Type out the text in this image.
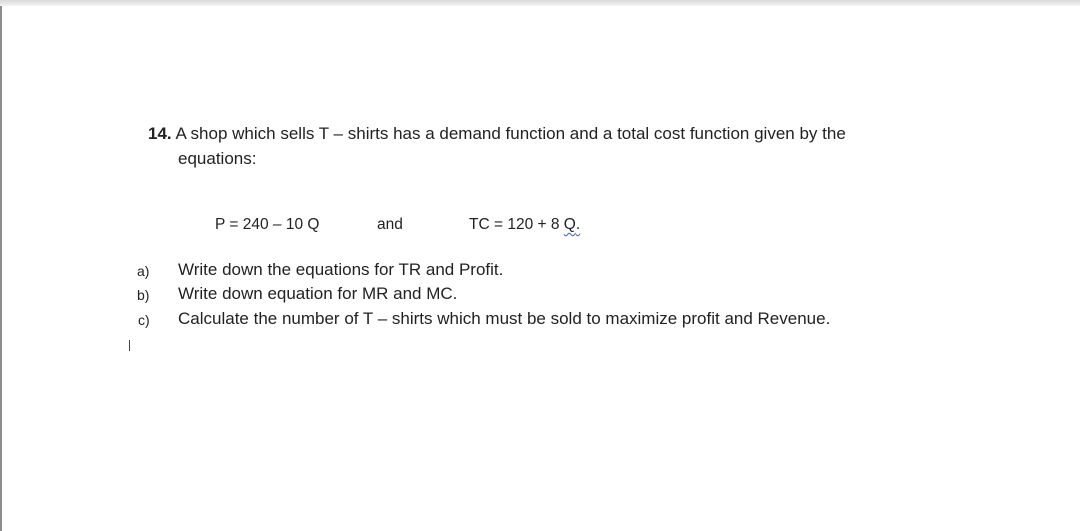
14. A shop which sells T – shirts has a demand function and a total cost function given by the
equations:
P = 240 – 10 Q	and	TC = 120 + 8 Q.
a) Write down the equations for TR and Profit.
b) Write down equation for MR and MC.
c) Calculate the number of T – shirts which must be sold to maximize profit and Revenue.
